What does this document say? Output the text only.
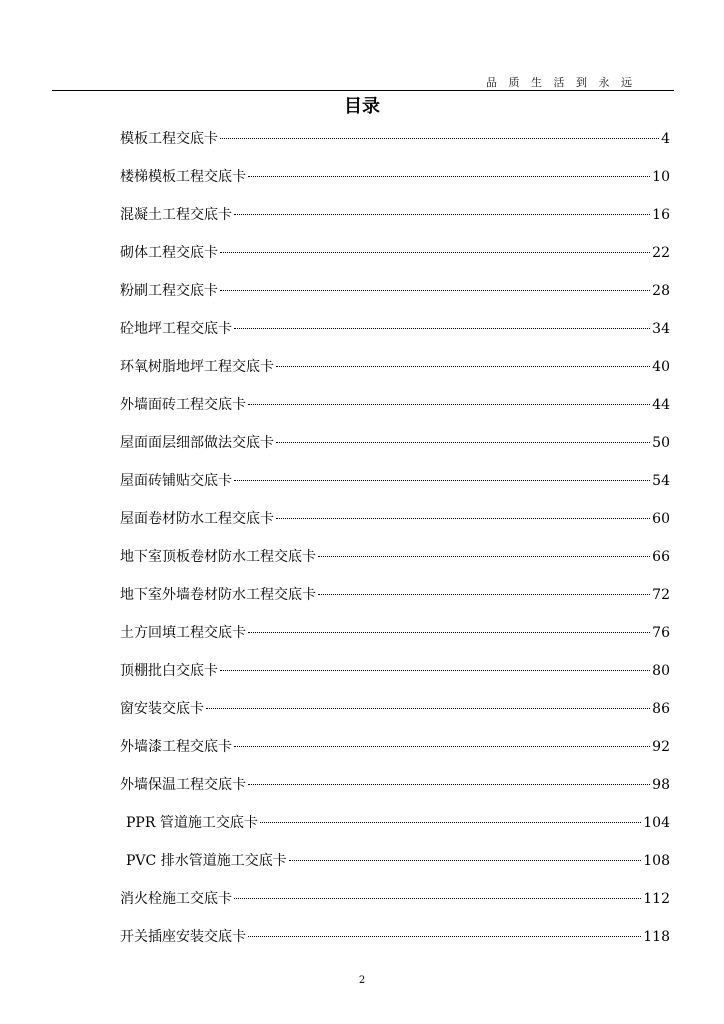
品 质 生 活 到 永 远
目录
模板工程交底卡	4
楼梯模板工程交底卡	10
混凝土工程交底卡	16
砌体工程交底卡	22
粉刷工程交底卡	28
砼地坪工程交底卡	34
环氧树脂地坪工程交底卡	40
外墙面砖工程交底卡	44
屋面面层细部做法交底卡	50
屋面砖铺贴交底卡	54
屋面卷材防水工程交底卡	60
地下室顶板卷材防水工程交底卡	66
地下室外墙卷材防水工程交底卡	72
土方回填工程交底卡	76
顶棚批白交底卡	80
窗安装交底卡	86
外墙漆工程交底卡	92
外墙保温工程交底卡	98
PPR 管道施工交底卡	104
PVC 排水管道施工交底卡	108
消火栓施工交底卡	112
开关插座安装交底卡	118
2
